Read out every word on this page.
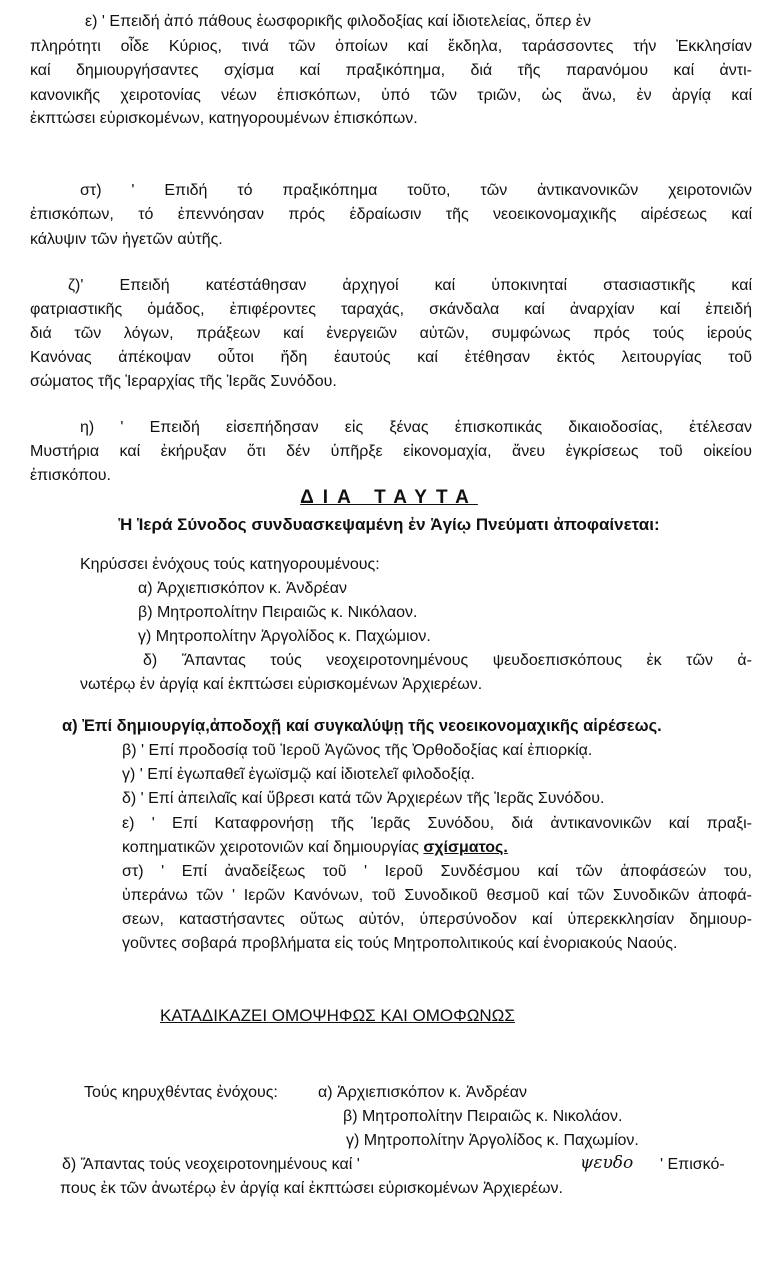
ε) ' Επειδή ἀπό πάθους ἑωσφορικῆς φιλοδοξίας καί ἰδιοτελείας, ὅπερ ἐν
πληρότητι οἶδε Κύριος, τινά τῶν ὁποίων καί ἔκδηλα, ταράσσοντες τήν Ἐκκλησίαν
καί δημιουργήσαντες σχίσμα καί πραξικόπημα, διά τῆς παρανόμου καί ἀντι-
κανονικῆς χειροτονίας νέων ἐπισκόπων, ὑπό τῶν τριῶν, ὡς ἄνω, ἐν ἀργίᾳ καί
ἐκπτώσει εὑρισκομένων, κατηγορουμένων ἐπισκόπων.
στ) ' Επιδή τό πραξικόπημα τοῦτο, τῶν ἀντικανονικῶν χειροτονιῶν
ἐπισκόπων, τό ἐπεννόησαν πρός ἑδραίωσιν τῆς νεοεικονομαχικῆς αἱρέσεως καί
κάλυψιν τῶν ἡγετῶν αὐτῆς.
ζ)' Επειδή κατέστάθησαν ἀρχηγοί καί ὑποκινηταί στασιαστικῆς καί
φατριαστικῆς ὁμάδος, ἐπιφέροντες ταραχάς, σκάνδαλα καί ἀναρχίαν καί ἐπειδή
διά τῶν λόγων, πράξεων καί ἐνεργειῶν αὐτῶν, συμφώνως πρός τούς ἱερούς
Κανόνας ἀπέκοψαν οὗτοι ἤδη ἑαυτούς καί ἐτέθησαν ἐκτός λειτουργίας τοῦ
σώματος τῆς Ἱεραρχίας τῆς Ἱερᾶς Συνόδου.
η) ' Επειδή εἰσεπήδησαν εἰς ξένας ἐπισκοπικάς δικαιοδοσίας, ἐτέλεσαν
Μυστήρια καί ἐκήρυξαν ὅτι δέν ὑπῆρξε εἰκονομαχία, ἄνευ ἐγκρίσεως τοῦ οἰκείου
ἐπισκόπου.
ΔΙΑ ΤΑΥΤΑ
Ἡ Ἱερά Σύνοδος συνδυασκεψαμένη ἐν Ἁγίῳ Πνεύματι ἀποφαίνεται:
Κηρύσσει ἐνόχους τούς κατηγορουμένους:
α) Ἀρχιεπισκόπον κ. Ἀνδρέαν
β) Μητροπολίτην Πειραιῶς κ. Νικόλαον.
γ) Μητροπολίτην Ἀργολίδος κ. Παχώμιον.
δ) Ἅπαντας τούς νεοχειροτονημένους ψευδοεπισκόπους ἐκ τῶν ἀ-
νωτέρῳ ἐν ἀργίᾳ καί ἐκπτώσει εὑρισκομένων Ἀρχιερέων.
α) Ἐπί δημιουργίᾳ,ἀποδοχῇ καί συγκαλύψῃ τῆς νεοεικονομαχικῆς αἱρέσεως.
β) ' Επί προδοσίᾳ τοῦ Ἱεροῦ Ἀγῶνος τῆς Ὀρθοδοξίας καί ἐπιορκίᾳ.
γ) ' Επί ἐγωπαθεῖ ἐγωϊσμῷ καί ἰδιοτελεῖ φιλοδοξίᾳ.
δ) ' Επί ἀπειλαῖς καί ὕβρεσι κατά τῶν Ἀρχιερέων τῆς Ἱερᾶς Συνόδου.
ε) ' Επί Καταφρονήσῃ τῆς Ἱερᾶς Συνόδου, διά ἀντικανονικῶν καί πραξι-
κοπηματικῶν χειροτονιῶν καί δημιουργίας σχίσματος.
στ) ' Επί ἀναδείξεως τοῦ ' Ιεροῦ Συνδέσμου καί τῶν ἀποφάσεών του,
ὑπεράνω τῶν ' Ιερῶν Κανόνων, τοῦ Συνοδικοῦ θεσμοῦ καί τῶν Συνοδικῶν ἀποφά-
σεων, καταστήσαντες οὕτως αὐτόν, ὑπερσύνοδον καί ὑπερεκκλησίαν δημιουρ-
γοῦντες σοβαρά προβλήματα εἰς τούς Μητροπολιτικούς καί ἐνοριακούς Ναούς.
ΚΑΤΑΔΙΚΑΖΕΙ ΟΜΟΨΗΦΩΣ ΚΑΙ ΟΜΟΦΩΝΩΣ
Τούς κηρυχθέντας ἐνόχους:	α) Ἀρχιεπισκόπον κ. Ἀνδρέαν
β) Μητροπολίτην Πειραιῶς κ. Νικολάον.
γ) Μητροπολίτην Ἀργολίδος κ. Παχωμίον.
δ) Ἅπαντας τούς νεοχειροτονημένους καί '	ψευδο	' Επισκό-
πους ἐκ τῶν ἀνωτέρῳ ἐν ἀργίᾳ καί ἐκπτώσει εὑρισκομένων Ἀρχιερέων.
